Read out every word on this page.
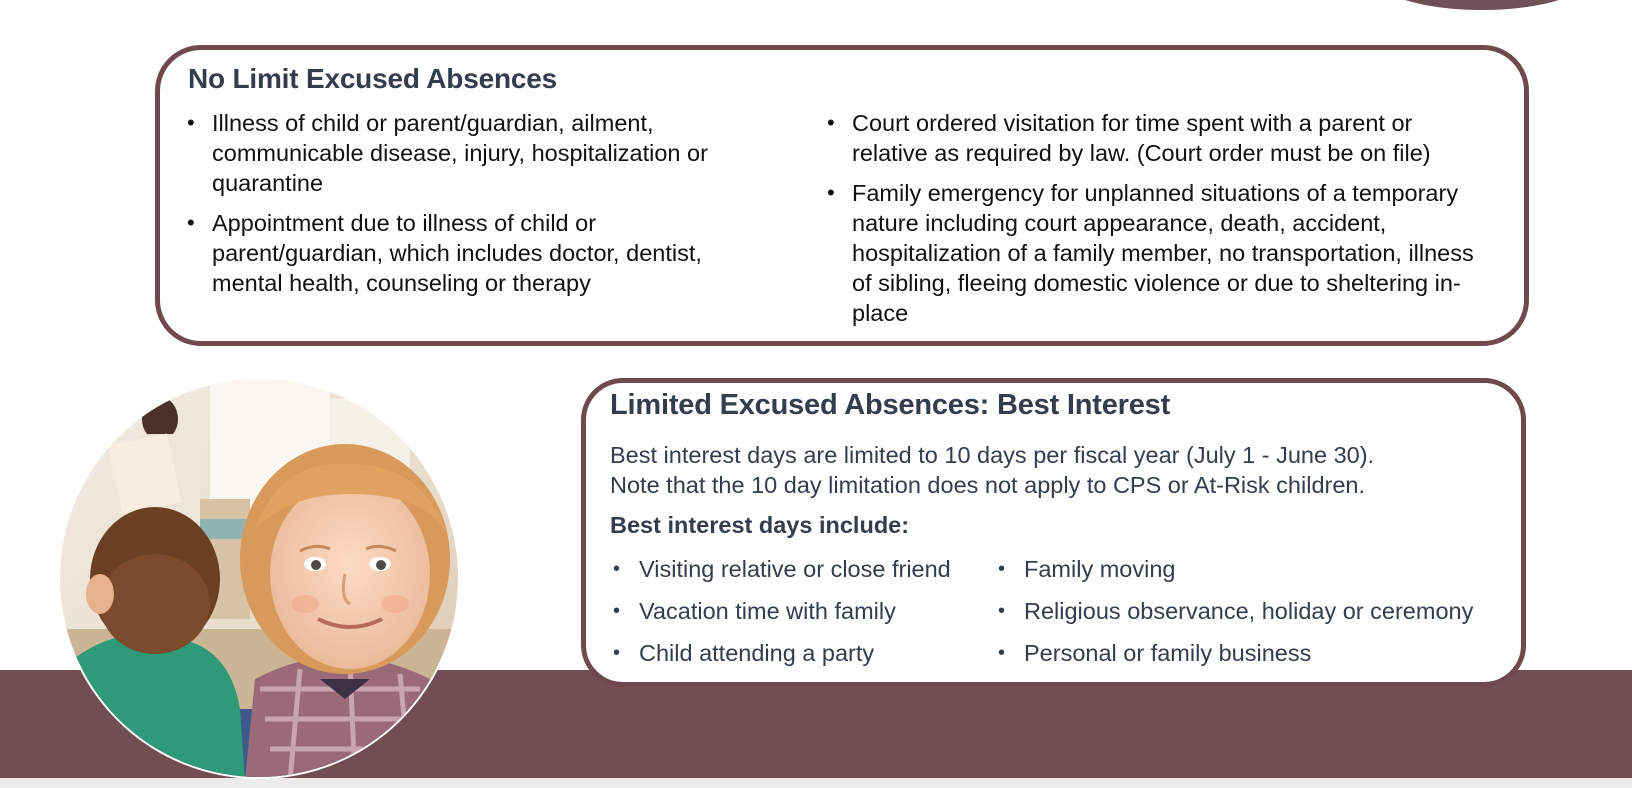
No Limit Excused Absences
• Illness of child or parent/guardian, ailment, communicable disease, injury, hospitalization or quarantine
• Appointment due to illness of child or parent/guardian, which includes doctor, dentist, mental health, counseling or therapy
• Court ordered visitation for time spent with a parent or relative as required by law. (Court order must be on file)
• Family emergency for unplanned situations of a temporary nature including court appearance, death, accident, hospitalization of a family member, no transportation, illness of sibling, fleeing domestic violence or due to sheltering in-place
Limited Excused Absences: Best Interest

Best interest days are limited to 10 days per fiscal year (July 1 - June 30).
Note that the 10 day limitation does not apply to CPS or At-Risk children.

Best interest days include:

• Visiting relative or close friend
• Vacation time with family
• Child attending a party
• Family moving
• Religious observance, holiday or ceremony
• Personal or family business
